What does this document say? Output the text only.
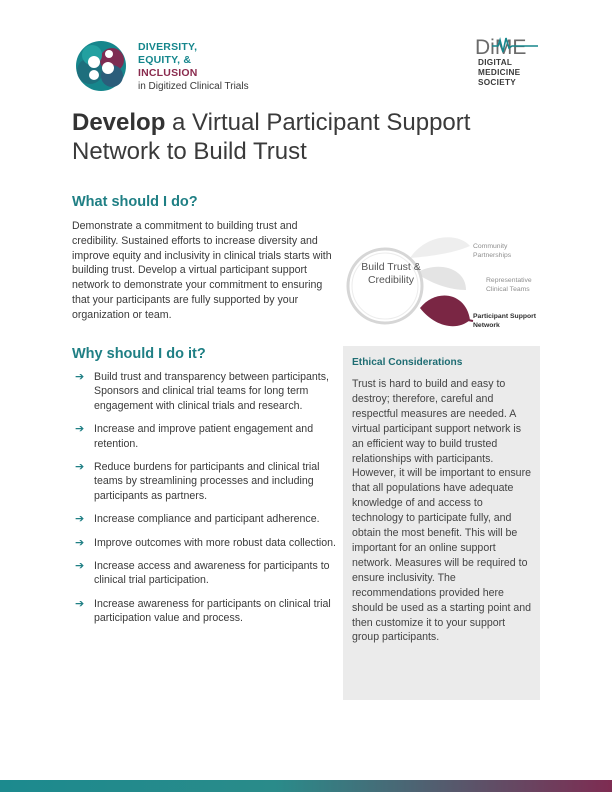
DIVERSITY,
EQUITY, &
INCLUSION
in Digitized Clinical Trials
DiME
DIGITAL
MEDICINE
SOCIETY
Develop a Virtual Participant Support Network to Build Trust
What should I do?
Demonstrate a commitment to building trust and credibility. Sustained efforts to increase diversity and improve equity and inclusivity in clinical trials starts with building trust. Develop a virtual participant support network to demonstrate your commitment to ensuring that your participants are fully supported by your organization or team.
Build Trust & Credibility
Community Partnerships
Representative Clinical Teams
Participant Support Network
Why should I do it?
➔ Build trust and transparency between participants, Sponsors and clinical trial teams for long term engagement with clinical trials and research.
➔ Increase and improve patient engagement and retention.
➔ Reduce burdens for participants and clinical trial teams by streamlining processes and including participants as partners.
➔ Increase compliance and participant adherence.
➔ Improve outcomes with more robust data collection.
➔ Increase access and awareness for participants to clinical trial participation.
➔ Increase awareness for participants on clinical trial participation value and process.
Ethical Considerations
Trust is hard to build and easy to destroy; therefore, careful and respectful measures are needed. A virtual participant support network is an efficient way to build trusted relationships with participants. However, it will be important to ensure that all populations have adequate knowledge of and access to technology to participate fully, and obtain the most benefit. This will be important for an online support network. Measures will be required to ensure inclusivity. The recommendations provided here should be used as a starting point and then customize it to your support group participants.
